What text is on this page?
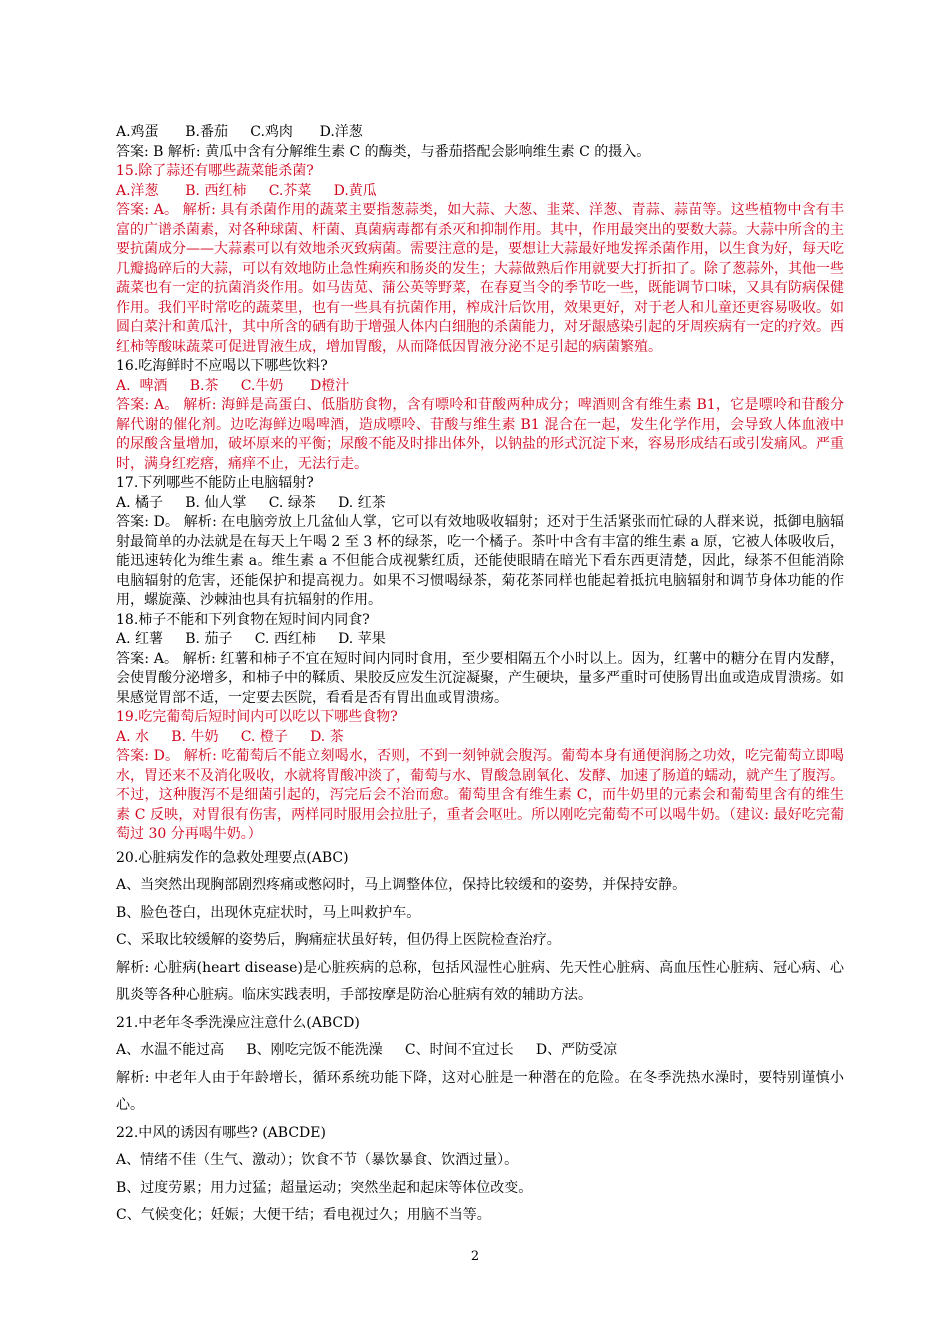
A.鸡蛋      B.番茄     C.鸡肉      D.洋葱

答案: B 解析: 黄瓜中含有分解维生素 C 的酶类，与番茄搭配会影响维生素 C 的摄入。

15.除了蒜还有哪些蔬菜能杀菌?

A.洋葱      B. 西红柿     C.芥菜     D.黄瓜

答案: A。 解析: 具有杀菌作用的蔬菜主要指葱蒜类，如大蒜、大葱、韭菜、洋葱、青蒜、蒜苗等。这些植物中含有丰富的广谱杀菌素，对各种球菌、杆菌、真菌病毒都有杀灭和抑制作用。其中，作用最突出的要数大蒜。大蒜中所含的主要抗菌成分——大蒜素可以有效地杀灭致病菌。需要注意的是，要想让大蒜最好地发挥杀菌作用，以生食为好，每天吃几瓣捣碎后的大蒜，可以有效地防止急性痢疾和肠炎的发生；大蒜做熟后作用就要大打折扣了。除了葱蒜外，其他一些蔬菜也有一定的抗菌消炎作用。如马齿苋、蒲公英等野菜，在春夏当令的季节吃一些，既能调节口味，又具有防病保健作用。我们平时常吃的蔬菜里，也有一些具有抗菌作用，榨成汁后饮用，效果更好，对于老人和儿童还更容易吸收。如圆白菜汁和黄瓜汁，其中所含的硒有助于增强人体内白细胞的杀菌能力，对牙龈感染引起的牙周疾病有一定的疗效。西红柿等酸味蔬菜可促进胃液生成，增加胃酸，从而降低因胃液分泌不足引起的病菌繁殖。

16.吃海鲜时不应喝以下哪些饮料?

A.  啤酒     B.茶     C.牛奶      D橙汁

答案: A。 解析: 海鲜是高蛋白、低脂肪食物，含有嘌呤和苷酸两种成分；啤酒则含有维生素 B1，它是嘌呤和苷酸分解代谢的催化剂。边吃海鲜边喝啤酒，造成嘌呤、苷酸与维生素 B1 混合在一起，发生化学作用，会导致人体血液中的尿酸含量增加，破坏原来的平衡；尿酸不能及时排出体外，以钠盐的形式沉淀下来，容易形成结石或引发痛风。严重时，满身红疙瘩，痛痒不止，无法行走。

17.下列哪些不能防止电脑辐射?

A. 橘子     B. 仙人掌     C. 绿茶     D. 红茶

答案: D。 解析: 在电脑旁放上几盆仙人掌，它可以有效地吸收辐射；还对于生活紧张而忙碌的人群来说，抵御电脑辐射最简单的办法就是在每天上午喝 2 至 3 杯的绿茶，吃一个橘子。茶叶中含有丰富的维生素 a 原，它被人体吸收后，能迅速转化为维生素 a。维生素 a 不但能合成视紫红质，还能使眼睛在暗光下看东西更清楚，因此，绿茶不但能消除电脑辐射的危害，还能保护和提高视力。如果不习惯喝绿茶，菊花茶同样也能起着抵抗电脑辐射和调节身体功能的作用，螺旋藻、沙棘油也具有抗辐射的作用。

18.柿子不能和下列食物在短时间内同食?

A. 红薯     B. 茄子     C. 西红柿     D. 苹果

答案: A。 解析: 红薯和柿子不宜在短时间内同时食用，至少要相隔五个小时以上。因为，红薯中的糖分在胃内发酵，会使胃酸分泌增多，和柿子中的鞣质、果胶反应发生沉淀凝聚，产生硬块，量多严重时可使肠胃出血或造成胃溃疡。如果感觉胃部不适，一定要去医院，看看是否有胃出血或胃溃疡。

19.吃完葡萄后短时间内可以吃以下哪些食物?

A. 水     B. 牛奶     C. 橙子     D. 茶

答案: D。 解析: 吃葡萄后不能立刻喝水，否则，不到一刻钟就会腹泻。葡萄本身有通便润肠之功效，吃完葡萄立即喝水，胃还来不及消化吸收，水就将胃酸冲淡了，葡萄与水、胃酸急剧氧化、发酵、加速了肠道的蠕动，就产生了腹泻。不过，这种腹泻不是细菌引起的，泻完后会不治而愈。葡萄里含有维生素 C，而牛奶里的元素会和葡萄里含有的维生素 C 反映，对胃很有伤害，两样同时服用会拉肚子，重者会呕吐。所以刚吃完葡萄不可以喝牛奶。（建议: 最好吃完葡萄过 30 分再喝牛奶。）

20.心脏病发作的急救处理要点(ABC)

A、当突然出现胸部剧烈疼痛或憋闷时，马上调整体位，保持比较缓和的姿势，并保持安静。

B、脸色苍白，出现休克症状时，马上叫救护车。

C、采取比较缓解的姿势后，胸痛症状虽好转，但仍得上医院检查治疗。

解析: 心脏病(heart disease)是心脏疾病的总称，包括风湿性心脏病、先天性心脏病、高血压性心脏病、冠心病、心肌炎等各种心脏病。临床实践表明，手部按摩是防治心脏病有效的辅助方法。

21.中老年冬季洗澡应注意什么(ABCD)

A、水温不能过高     B、刚吃完饭不能洗澡     C、时间不宜过长     D、严防受凉

解析: 中老年人由于年龄增长，循环系统功能下降，这对心脏是一种潜在的危险。在冬季洗热水澡时，要特别谨慎小心。

22.中风的诱因有哪些? (ABCDE)

A、情绪不佳（生气、激动）；饮食不节（暴饮暴食、饮酒过量）。

B、过度劳累；用力过猛；超量运动；突然坐起和起床等体位改变。

C、气候变化；妊娠；大便干结；看电视过久；用脑不当等。

2
